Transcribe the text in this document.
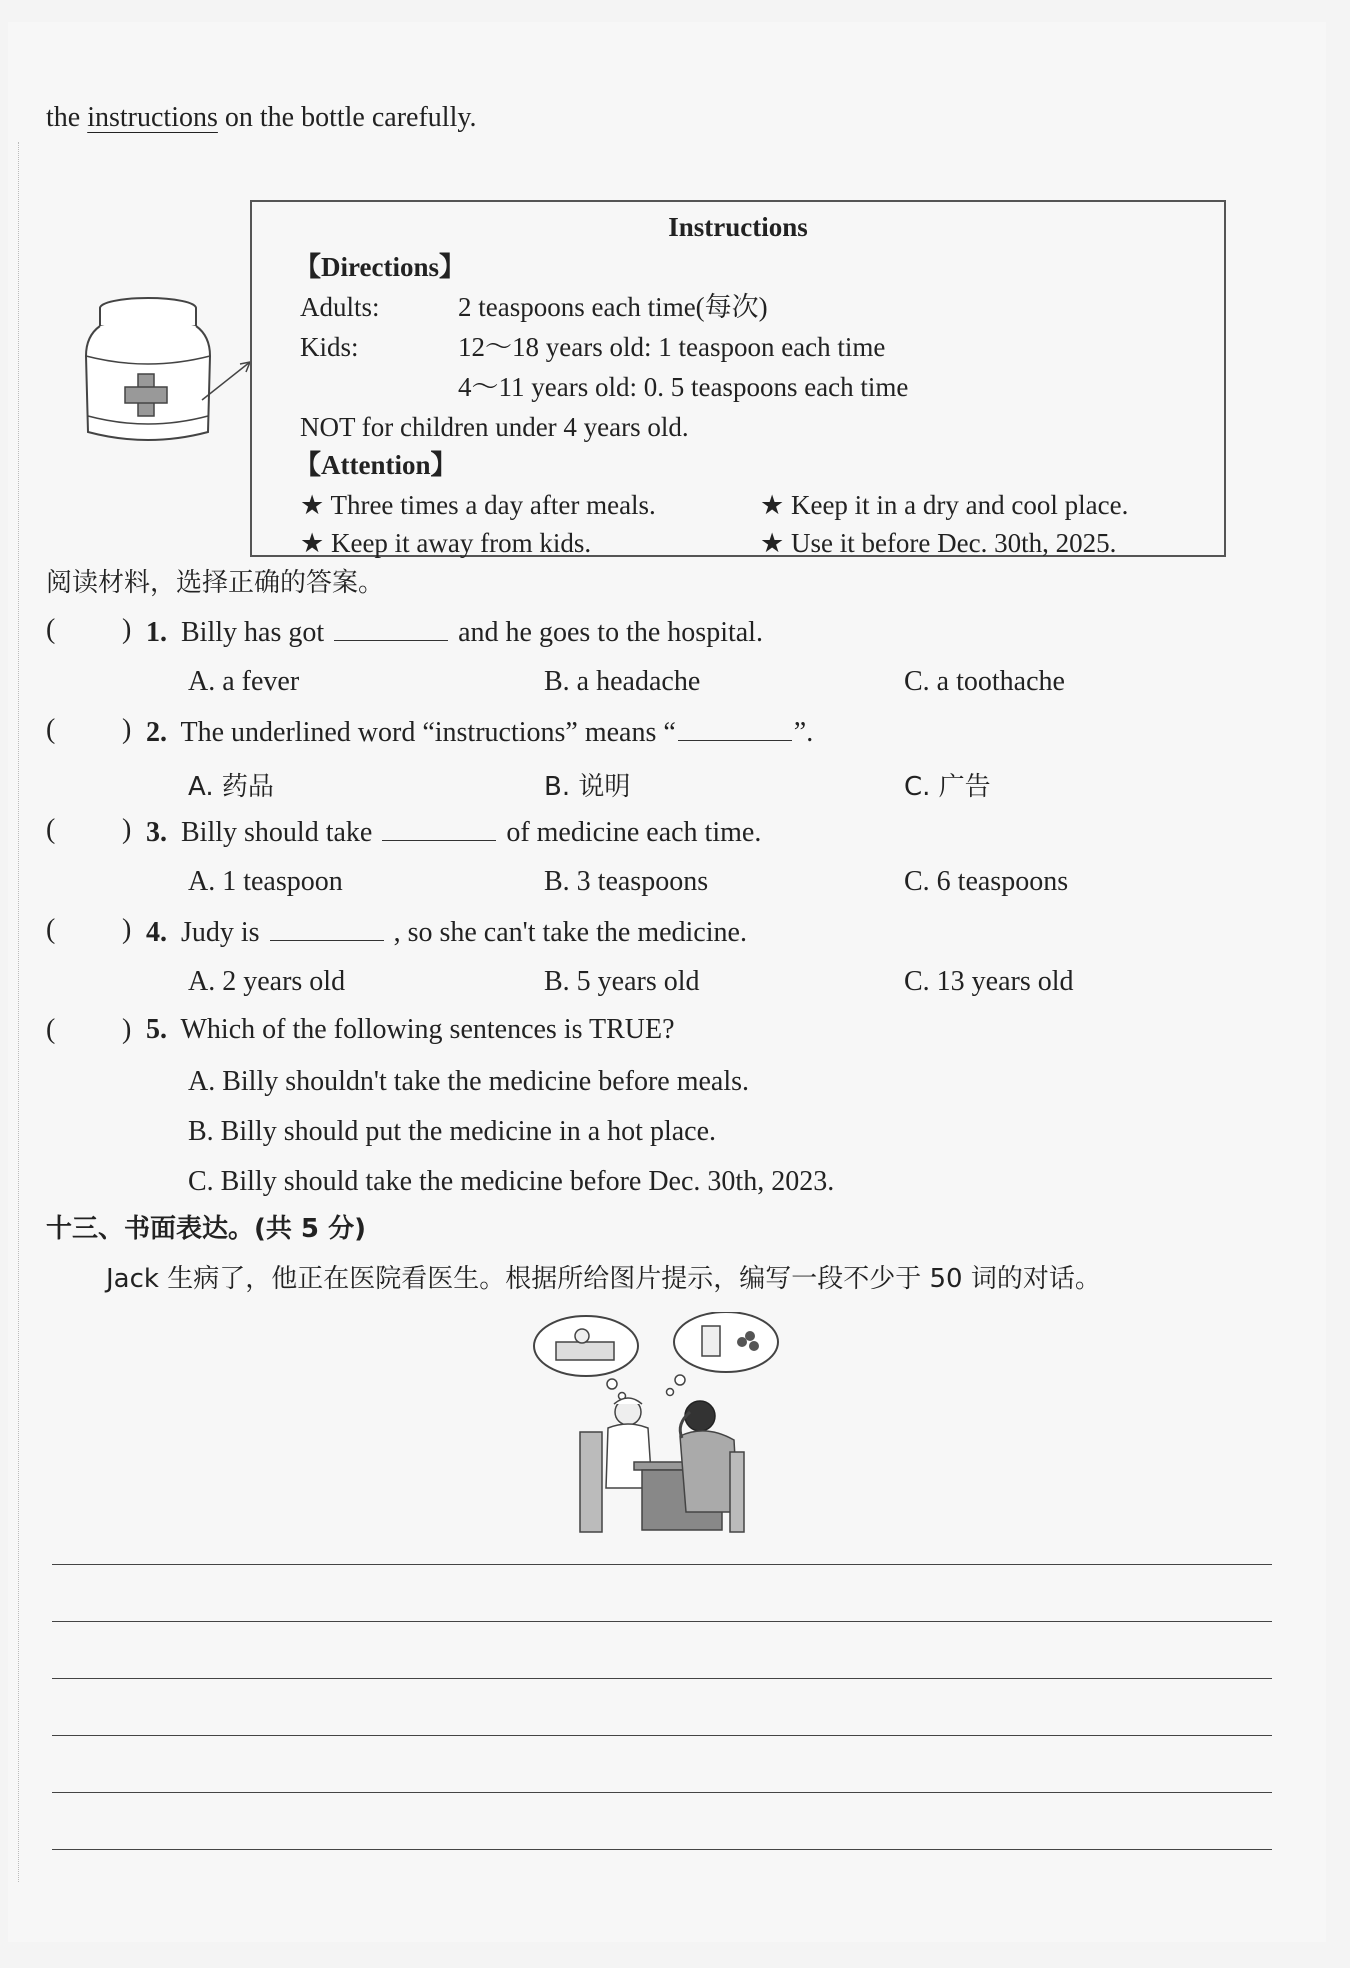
the instructions on the bottle carefully.
Instructions
【Directions】
Adults:	2 teaspoons each time(每次)
Kids:	12～18 years old: 1 teaspoon each time
4～11 years old: 0. 5 teaspoons each time
NOT for children under 4 years old.
【Attention】
★ Three times a day after meals.	★ Keep it in a dry and cool place.
★ Keep it away from kids.	★ Use it before Dec. 30th, 2025.
阅读材料，选择正确的答案。
( ) 1. Billy has got	and he goes to the hospital.
A. a fever	B. a headache	C. a toothache
( ) 2. The underlined word “instructions” means “	”.
A. 药品	B. 说明	C. 广告
( ) 3. Billy should take	of medicine each time.
A. 1 teaspoon	B. 3 teaspoons	C. 6 teaspoons
( ) 4. Judy is	, so she can't take the medicine.
A. 2 years old	B. 5 years old	C. 13 years old
( ) 5. Which of the following sentences is TRUE?
A. Billy shouldn't take the medicine before meals.
B. Billy should put the medicine in a hot place.
C. Billy should take the medicine before Dec. 30th, 2023.
十三、书面表达。(共 5 分)
Jack 生病了，他正在医院看医生。根据所给图片提示，编写一段不少于 50 词的对话。
